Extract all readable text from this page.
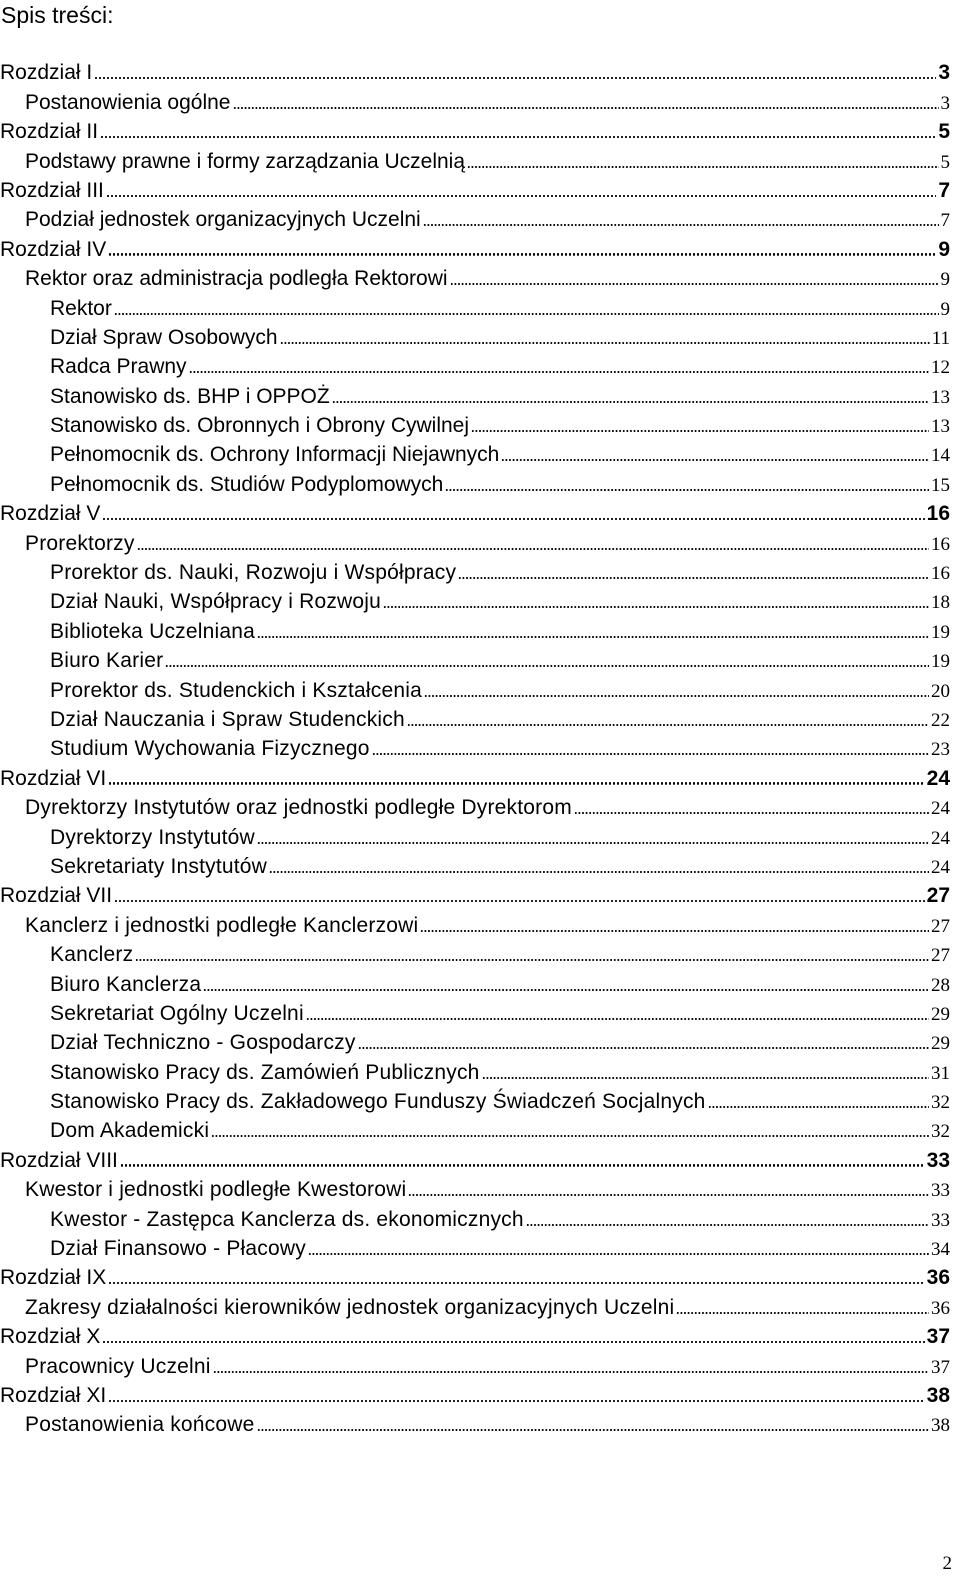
Spis treści:
Rozdział I	3
Postanowienia ogólne	3
Rozdział II	5
Podstawy prawne i formy zarządzania Uczelnią	5
Rozdział III	7
Podział jednostek organizacyjnych Uczelni	7
Rozdział IV	9
Rektor oraz administracja podległa Rektorowi	9
Rektor	9
Dział Spraw Osobowych	11
Radca Prawny	12
Stanowisko ds. BHP i OPPOŻ	13
Stanowisko ds. Obronnych i Obrony Cywilnej	13
Pełnomocnik ds. Ochrony Informacji Niejawnych	14
Pełnomocnik ds. Studiów Podyplomowych	15
Rozdział V	16
Prorektorzy	16
Prorektor ds. Nauki, Rozwoju i Współpracy	16
Dział Nauki, Współpracy i Rozwoju	18
Biblioteka Uczelniana	19
Biuro Karier	19
Prorektor ds. Studenckich i Kształcenia	20
Dział Nauczania i Spraw Studenckich	22
Studium Wychowania Fizycznego	23
Rozdział VI	24
Dyrektorzy Instytutów oraz jednostki podległe Dyrektorom	24
Dyrektorzy Instytutów	24
Sekretariaty Instytutów	24
Rozdział VII	27
Kanclerz i jednostki podległe Kanclerzowi	27
Kanclerz	27
Biuro Kanclerza	28
Sekretariat Ogólny Uczelni	29
Dział Techniczno - Gospodarczy	29
Stanowisko Pracy ds. Zamówień Publicznych	31
Stanowisko Pracy ds. Zakładowego Funduszy Świadczeń Socjalnych	32
Dom Akademicki	32
Rozdział VIII	33
Kwestor i jednostki podległe Kwestorowi	33
Kwestor - Zastępca Kanclerza ds. ekonomicznych	33
Dział Finansowo - Płacowy	34
Rozdział IX	36
Zakresy działalności kierowników jednostek organizacyjnych Uczelni	36
Rozdział X	37
Pracownicy Uczelni	37
Rozdział XI	38
Postanowienia końcowe	38
2
